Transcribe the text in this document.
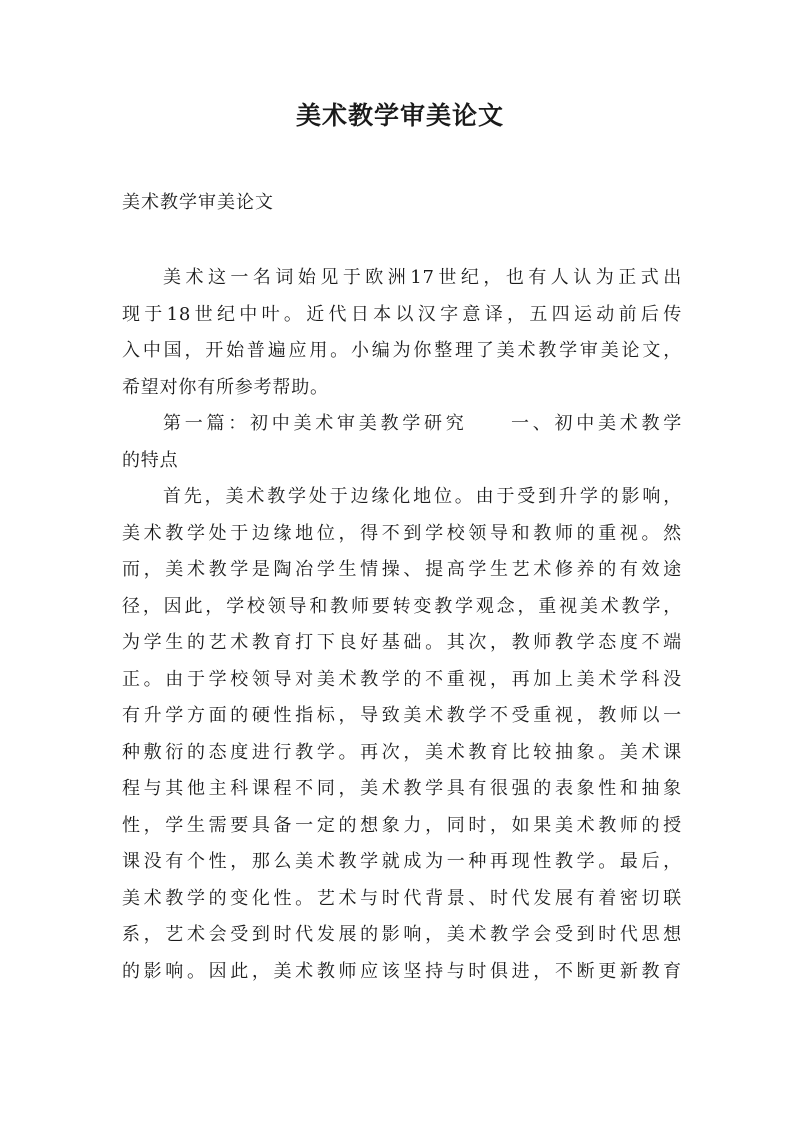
美术教学审美论文

美术教学审美论文

美术这一名词始见于欧洲17世纪，也有人认为正式出
现于18世纪中叶。近代日本以汉字意译，五四运动前后传
入中国，开始普遍应用。小编为你整理了美术教学审美论文，
希望对你有所参考帮助。
第一篇：初中美术审美教学研究　　一、初中美术教学
的特点
首先，美术教学处于边缘化地位。由于受到升学的影响，
美术教学处于边缘地位，得不到学校领导和教师的重视。然
而，美术教学是陶冶学生情操、提高学生艺术修养的有效途
径，因此，学校领导和教师要转变教学观念，重视美术教学，
为学生的艺术教育打下良好基础。其次，教师教学态度不端
正。由于学校领导对美术教学的不重视，再加上美术学科没
有升学方面的硬性指标，导致美术教学不受重视，教师以一
种敷衍的态度进行教学。再次，美术教育比较抽象。美术课
程与其他主科课程不同，美术教学具有很强的表象性和抽象
性，学生需要具备一定的想象力，同时，如果美术教师的授
课没有个性，那么美术教学就成为一种再现性教学。最后，
美术教学的变化性。艺术与时代背景、时代发展有着密切联
系，艺术会受到时代发展的影响，美术教学会受到时代思想
的影响。因此，美术教师应该坚持与时俱进，不断更新教育
